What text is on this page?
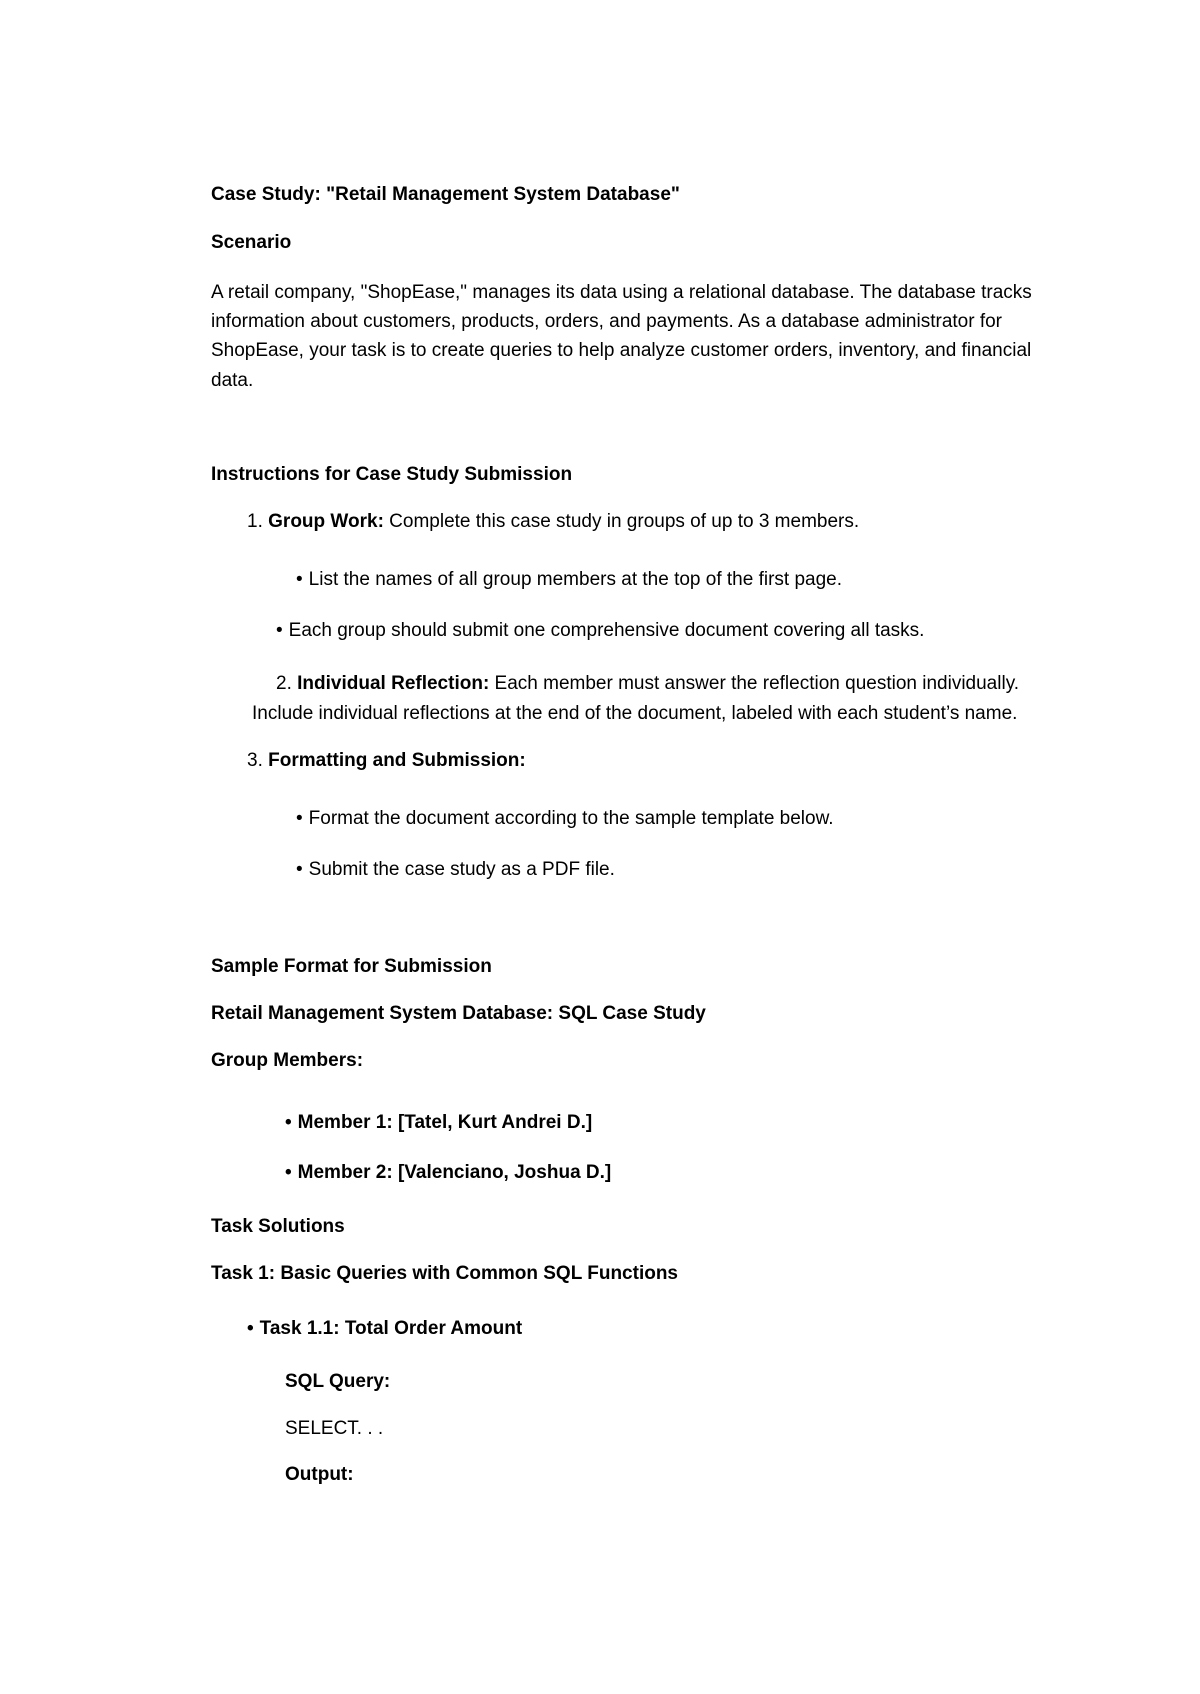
Case Study: "Retail Management System Database"
Scenario
A retail company, "ShopEase," manages its data using a relational database. The database tracks
information about customers, products, orders, and payments. As a database administrator for
ShopEase, your task is to create queries to help analyze customer orders, inventory, and financial
data.
Instructions for Case Study Submission
1. Group Work: Complete this case study in groups of up to 3 members.
• List the names of all group members at the top of the first page.
• Each group should submit one comprehensive document covering all tasks.
2. Individual Reflection: Each member must answer the reflection question individually.
Include individual reflections at the end of the document, labeled with each student’s name.
3. Formatting and Submission:
• Format the document according to the sample template below.
• Submit the case study as a PDF file.
Sample Format for Submission
Retail Management System Database: SQL Case Study
Group Members:
• Member 1: [Tatel, Kurt Andrei D.]
• Member 2: [Valenciano, Joshua D.]
Task Solutions
Task 1: Basic Queries with Common SQL Functions
• Task 1.1: Total Order Amount
SQL Query:
SELECT. . .
Output:
